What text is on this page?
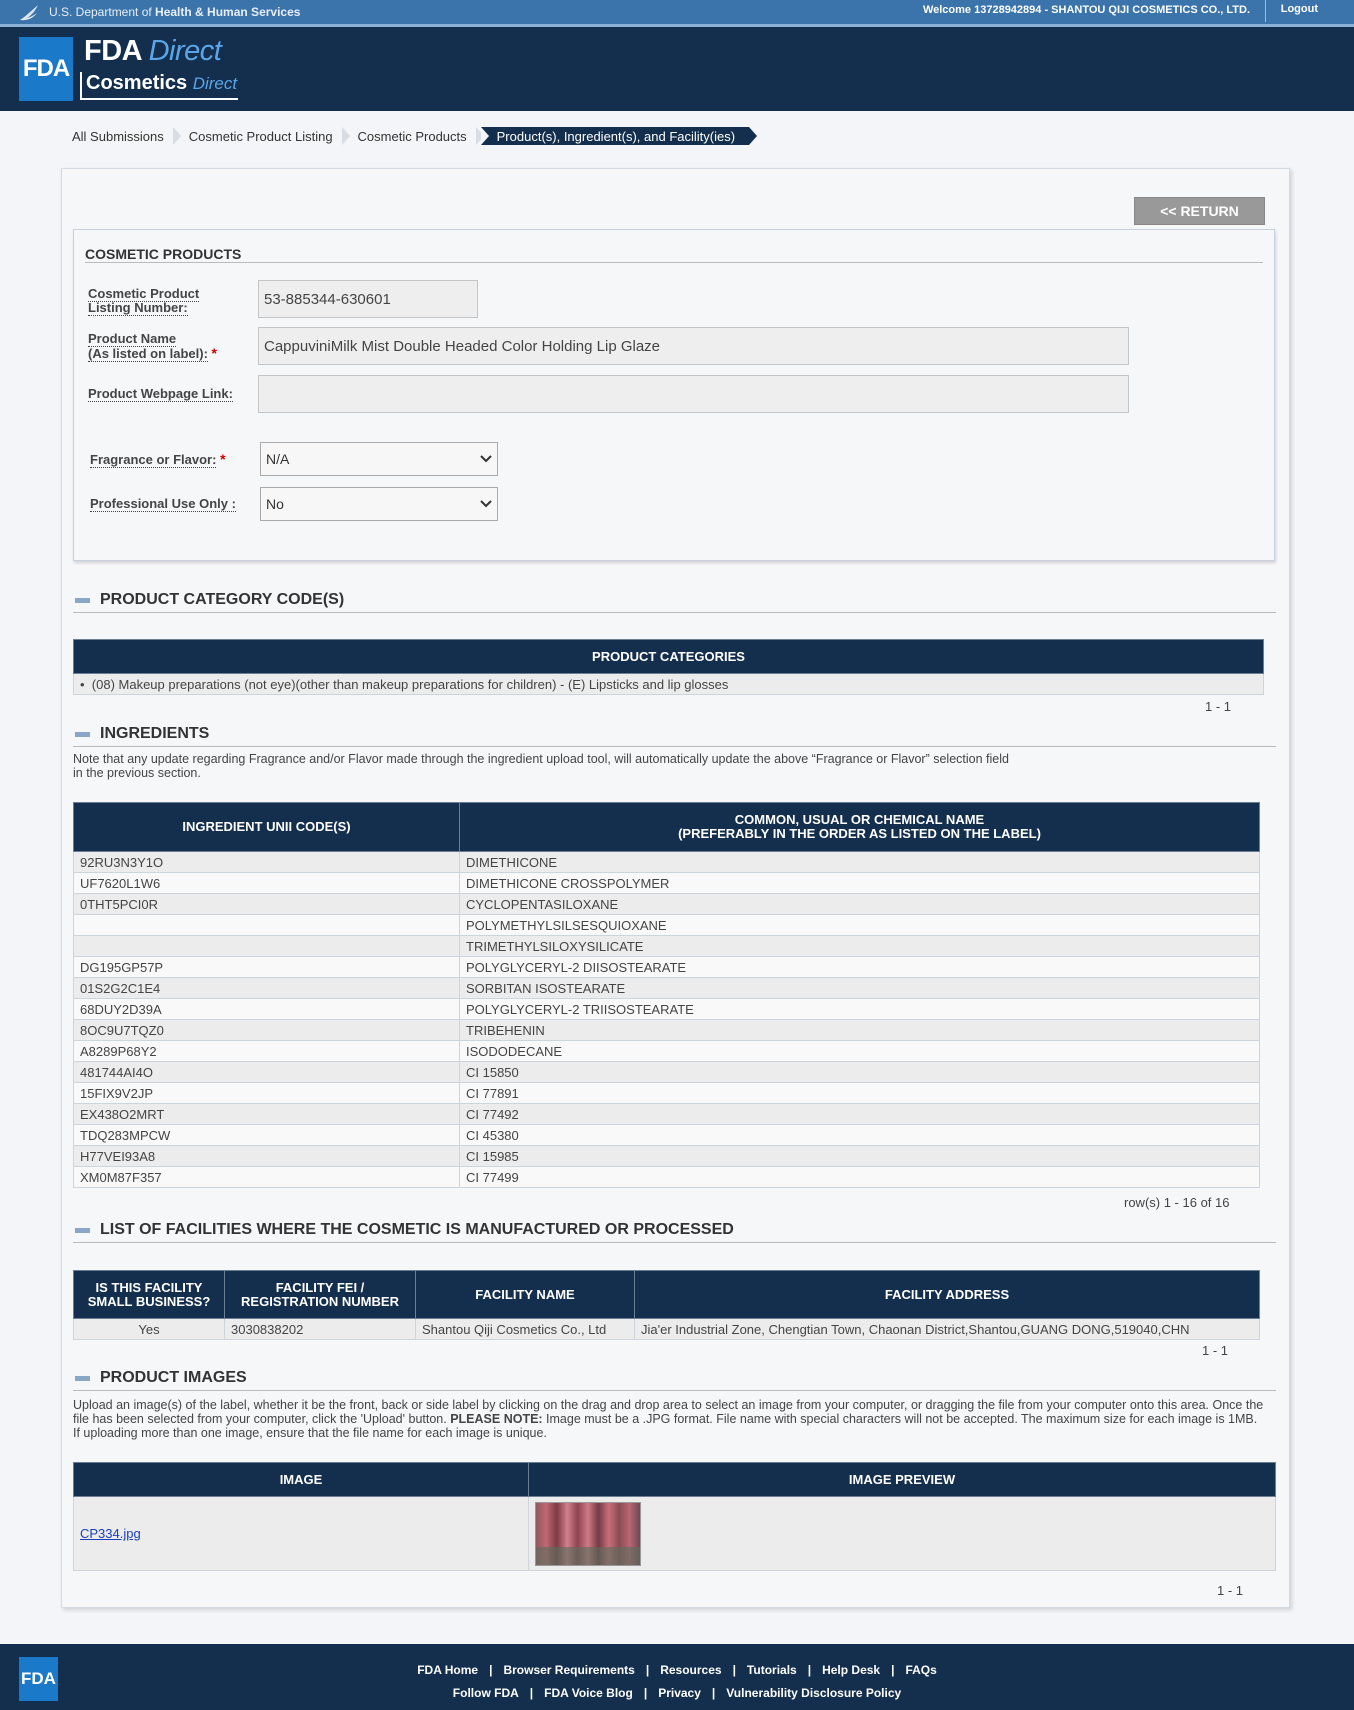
U.S. Department of Health & Human Services	Welcome 13728942894 - SHANTOU QIJI COSMETICS CO., LTD.	Logout
FDA
FDA Direct
Cosmetics Direct
All Submissions	Cosmetic Product Listing	Cosmetic Products	Product(s), Ingredient(s), and Facility(ies)
<< RETURN
COSMETIC PRODUCTS
Cosmetic Product
Listing Number:	53-885344-630601
Product Name
(As listed on label): *	CappuviniMilk Mist Double Headed Color Holding Lip Glaze
Product Webpage Link:
Fragrance or Flavor: *	N/A
Professional Use Only : No
PRODUCT CATEGORY CODE(S)
PRODUCT CATEGORIES
•  (08) Makeup preparations (not eye)(other than makeup preparations for children) - (E) Lipsticks and lip glosses
1 - 1
INGREDIENTS
Note that any update regarding Fragrance and/or Flavor made through the ingredient upload tool, will automatically update the above “Fragrance or Flavor” selection field
in the previous section.
INGREDIENT UNII CODE(S)	COMMON, USUAL OR CHEMICAL NAME
(PREFERABLY IN THE ORDER AS LISTED ON THE LABEL)
92RU3N3Y1O	DIMETHICONE
UF7620L1W6	DIMETHICONE CROSSPOLYMER
0THT5PCI0R	CYCLOPENTASILOXANE
	POLYMETHYLSILSESQUIOXANE
	TRIMETHYLSILOXYSILICATE
DG195GP57P	POLYGLYCERYL-2 DIISOSTEARATE
01S2G2C1E4	SORBITAN ISOSTEARATE
68DUY2D39A	POLYGLYCERYL-2 TRIISOSTEARATE
8OC9U7TQZ0	TRIBEHENIN
A8289P68Y2	ISODODECANE
481744AI4O	CI 15850
15FIX9V2JP	CI 77891
EX438O2MRT	CI 77492
TDQ283MPCW	CI 45380
H77VEI93A8	CI 15985
XM0M87F357	CI 77499
row(s) 1 - 16 of 16
LIST OF FACILITIES WHERE THE COSMETIC IS MANUFACTURED OR PROCESSED
IS THIS FACILITY
SMALL BUSINESS?	FACILITY FEI /
REGISTRATION NUMBER	FACILITY NAME	FACILITY ADDRESS
Yes	3030838202	Shantou Qiji Cosmetics Co., Ltd	Jia'er Industrial Zone, Chengtian Town, Chaonan District,Shantou,GUANG DONG,519040,CHN
1 - 1
PRODUCT IMAGES
Upload an image(s) of the label, whether it be the front, back or side label by clicking on the drag and drop area to select an image from your computer, or dragging the file from your computer onto this area. Once the
file has been selected from your computer, click the 'Upload' button. PLEASE NOTE: Image must be a .JPG format. File name with special characters will not be accepted. The maximum size for each image is 1MB.
If uploading more than one image, ensure that the file name for each image is unique.
IMAGE	IMAGE PREVIEW
CP334.jpg	
1 - 1
FDA	FDA Home | Browser Requirements | Resources | Tutorials | Help Desk | FAQs
Follow FDA | FDA Voice Blog | Privacy | Vulnerability Disclosure Policy
